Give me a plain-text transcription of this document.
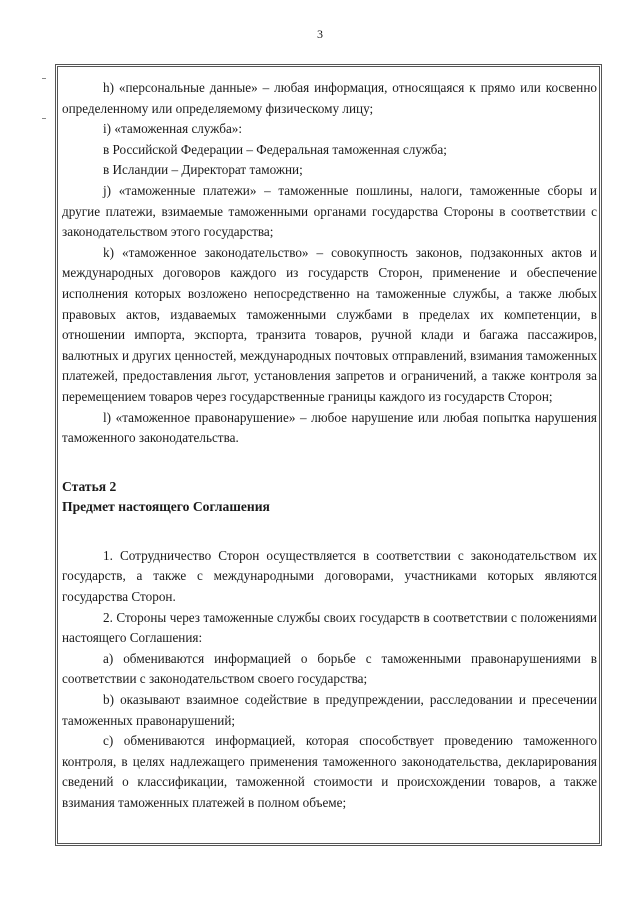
3

h) «персональные данные» – любая информация, относящаяся к прямо или косвенно определенному или определяемому физическому лицу;

i) «таможенная служба»:

в Российской Федерации – Федеральная таможенная служба;

в Исландии – Директорат таможни;

j) «таможенные платежи» – таможенные пошлины, налоги, таможенные сборы и другие платежи, взимаемые таможенными органами государства Стороны в соответствии с законодательством этого государства;

k) «таможенное законодательство» – совокупность законов, подзаконных актов и международных договоров каждого из государств Сторон, применение и обеспечение исполнения которых возложено непосредственно на таможенные службы, а также любых правовых актов, издаваемых таможенными службами в пределах их компетенции, в отношении импорта, экспорта, транзита товаров, ручной клади и багажа пассажиров, валютных и других ценностей, международных почтовых отправлений, взимания таможенных платежей, предоставления льгот, установления запретов и ограничений, а также контроля за перемещением товаров через государственные границы каждого из государств Сторон;

l) «таможенное правонарушение» – любое нарушение или любая попытка нарушения таможенного законодательства.

Статья 2

Предмет настоящего Соглашения

1. Сотрудничество Сторон осуществляется в соответствии с законодательством их государств, а также с международными договорами, участниками которых являются государства Сторон.

2. Стороны через таможенные службы своих государств в соответствии с положениями настоящего Соглашения:

а) обмениваются информацией о борьбе с таможенными правонарушениями в соответствии с законодательством своего государства;

b) оказывают взаимное содействие в предупреждении, расследовании и пресечении таможенных правонарушений;

c) обмениваются информацией, которая способствует проведению таможенного контроля, в целях надлежащего применения таможенного законодательства, декларирования сведений о классификации, таможенной стоимости и происхождении товаров, а также взимания таможенных платежей в полном объеме;
